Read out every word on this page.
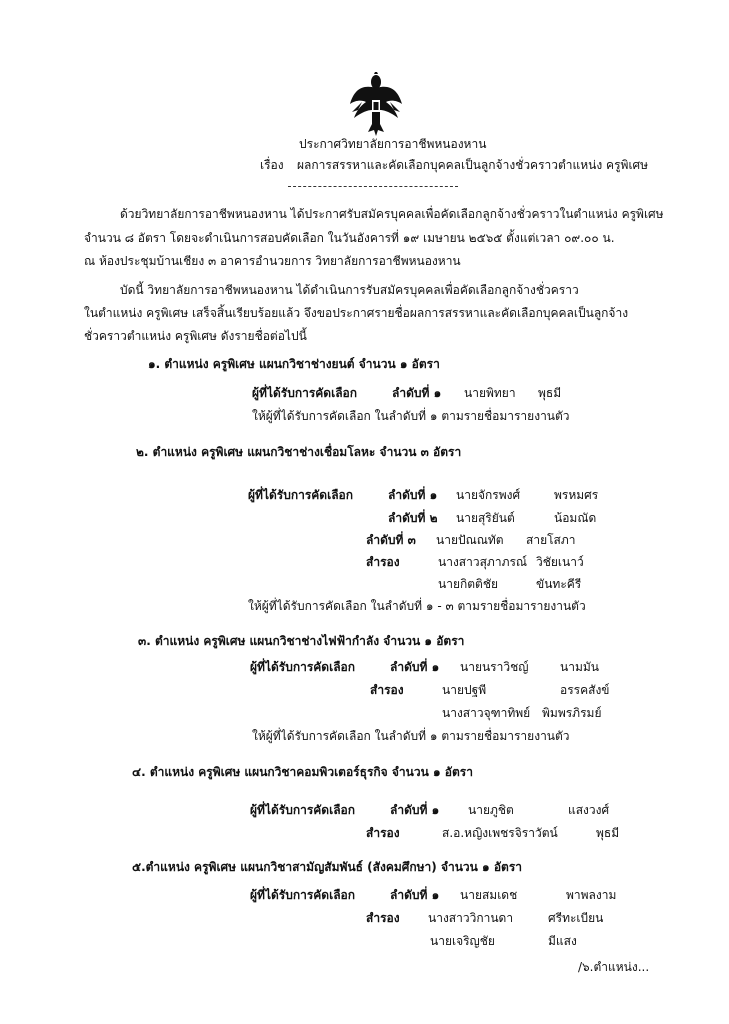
ประกาศวิทยาลัยการอาชีพหนองหาน
เรื่อง ผลการสรรหาและคัดเลือกบุคคลเป็นลูกจ้างชั่วคราวตำแหน่ง ครูพิเศษ
ด้วยวิทยาลัยการอาชีพหนองหาน ได้ประกาศรับสมัครบุคคลเพื่อคัดเลือกลูกจ้างชั่วคราวในตำแหน่ง ครูพิเศษ
จำนวน ๘ อัตรา โดยจะดำเนินการสอบคัดเลือก ในวันอังคารที่ ๑๙ เมษายน ๒๕๖๕ ตั้งแต่เวลา ๐๙.๐๐ น.
ณ ห้องประชุมบ้านเชียง ๓ อาคารอำนวยการ วิทยาลัยการอาชีพหนองหาน
บัดนี้ วิทยาลัยการอาชีพหนองหาน ได้ดำเนินการรับสมัครบุคคลเพื่อคัดเลือกลูกจ้างชั่วคราว
ในตำแหน่ง ครูพิเศษ เสร็จสิ้นเรียบร้อยแล้ว จึงขอประกาศรายชื่อผลการสรรหาและคัดเลือกบุคคลเป็นลูกจ้าง
ชั่วคราวตำแหน่ง ครูพิเศษ ดังรายชื่อต่อไปนี้
๑. ตำแหน่ง ครูพิเศษ แผนกวิชาช่างยนต์ จำนวน ๑ อัตรา
ผู้ที่ได้รับการคัดเลือก	ลำดับที่ ๑ นายพิทยา พุธมี
ให้ผู้ที่ได้รับการคัดเลือก ในลำดับที่ ๑ ตามรายชื่อมารายงานตัว
๒. ตำแหน่ง ครูพิเศษ แผนกวิชาช่างเชื่อมโลหะ จำนวน ๓ อัตรา
ผู้ที่ได้รับการคัดเลือก	ลำดับที่ ๑ นายจักรพงศ์	พรหมศร
ลำดับที่ ๒ นายสุริยันต์	น้อมณัด
ลำดับที่ ๓ นายปัณณทัต สายโสภา
สำรอง	นางสาวสุภาภรณ์ วิชัยเนาว์
นายกิตติชัย	ขันทะคีรี
ให้ผู้ที่ได้รับการคัดเลือก ในลำดับที่ ๑ - ๓ ตามรายชื่อมารายงานตัว
๓. ตำแหน่ง ครูพิเศษ แผนกวิชาช่างไฟฟ้ากำลัง จำนวน ๑ อัตรา
ผู้ที่ได้รับการคัดเลือก	ลำดับที่ ๑ นายนราวิชญ์	นามมัน
สำรอง	นายปฐพี	อรรคสังข์
นางสาวจุฑาทิพย์ พิมพรภิรมย์
ให้ผู้ที่ได้รับการคัดเลือก ในลำดับที่ ๑ ตามรายชื่อมารายงานตัว
๔. ตำแหน่ง ครูพิเศษ แผนกวิชาคอมพิวเตอร์ธุรกิจ จำนวน ๑ อัตรา
ผู้ที่ได้รับการคัดเลือก	ลำดับที่ ๑ นายภูชิต	แสงวงศ์
สำรอง	ส.อ.หญิงเพชรจิราวัตน์	พุธมี
๕.ตำแหน่ง ครูพิเศษ แผนกวิชาสามัญสัมพันธ์ (สังคมศึกษา) จำนวน ๑ อัตรา
ผู้ที่ได้รับการคัดเลือก	ลำดับที่ ๑ นายสมเดช	พาพลงาม
สำรอง นางสาววิกานดา	ศรีทะเบียน
นายเจริญชัย	มีแสง
/๖.ตำแหน่ง...
